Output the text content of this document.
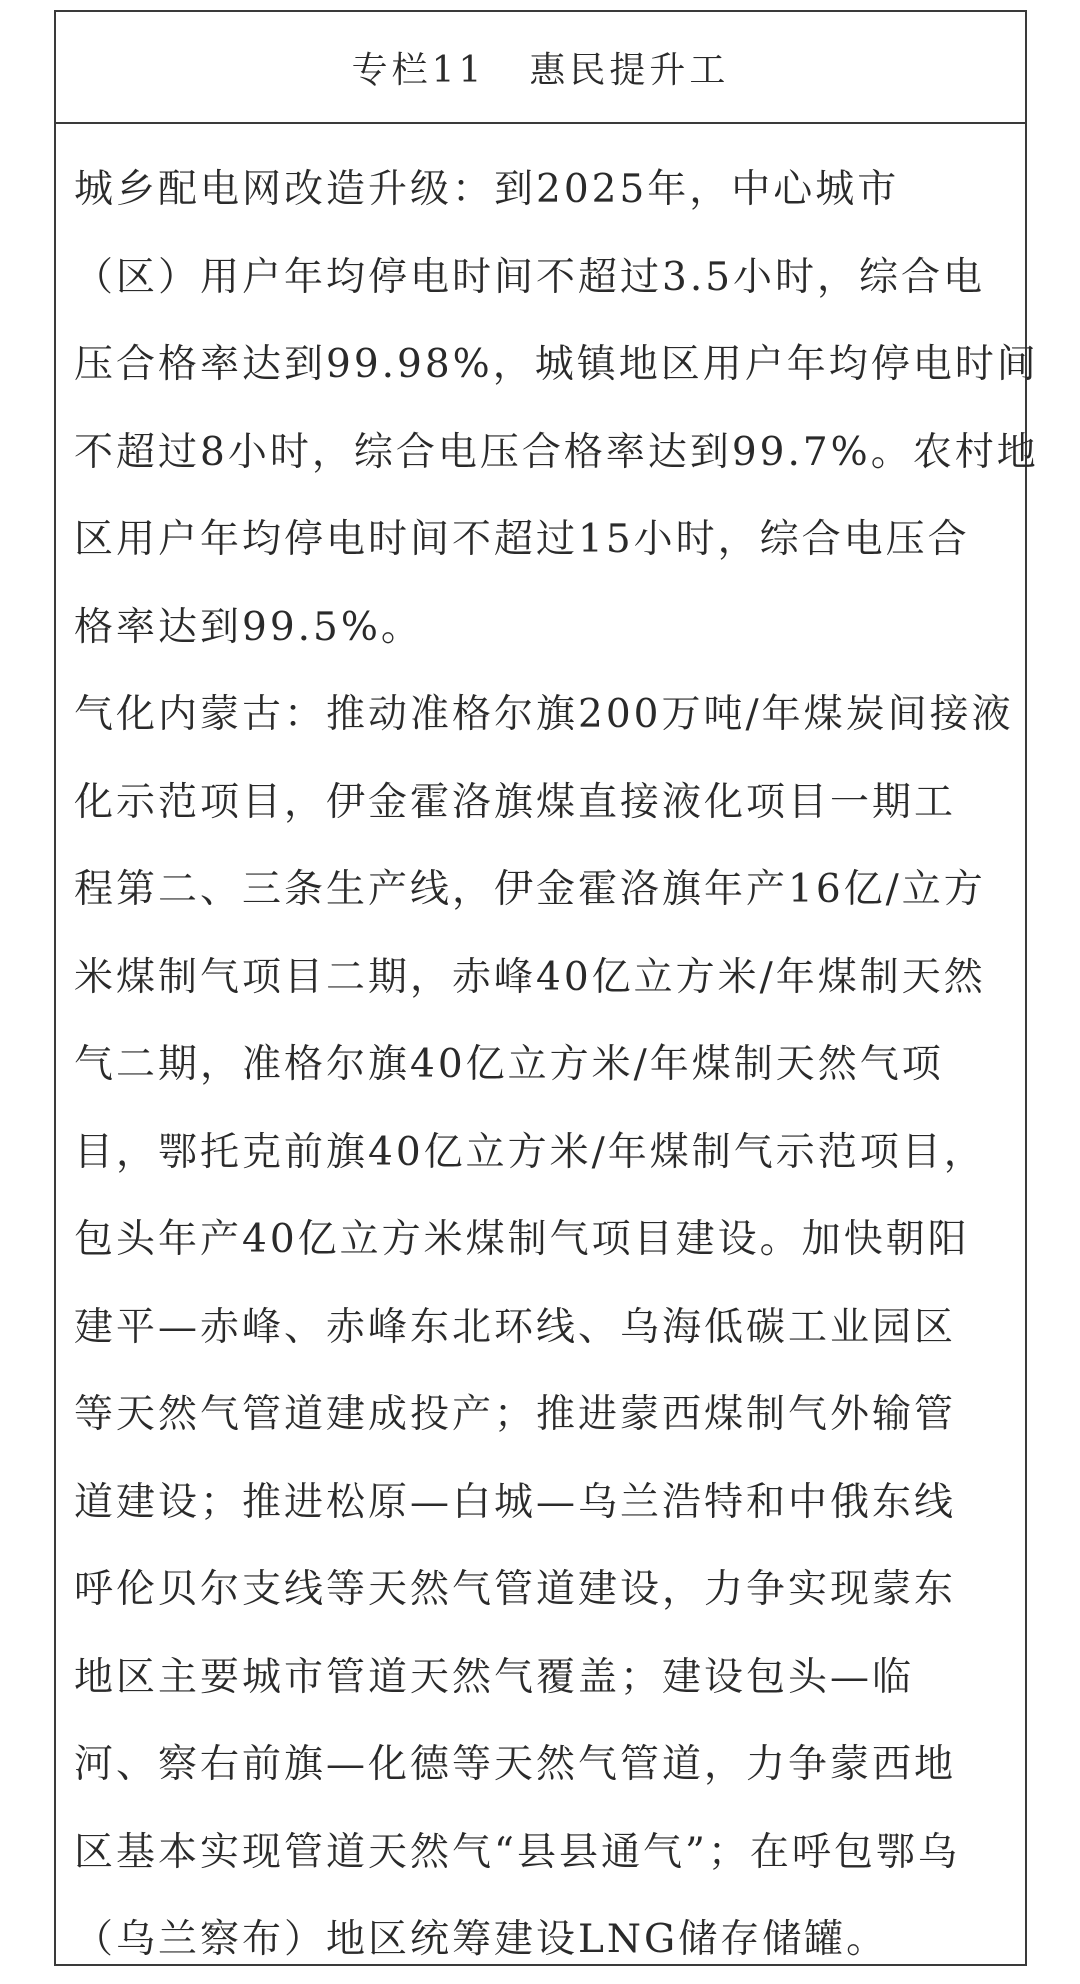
专栏11 惠民提升工
城乡配电网改造升级：到2025年，中心城市
（区）用户年均停电时间不超过3.5小时，综合电
压合格率达到99.98%，城镇地区用户年均停电时间
不超过8小时，综合电压合格率达到99.7%。农村地
区用户年均停电时间不超过15小时，综合电压合
格率达到99.5%。
气化内蒙古：推动准格尔旗200万吨/年煤炭间接液
化示范项目，伊金霍洛旗煤直接液化项目一期工
程第二、三条生产线，伊金霍洛旗年产16亿/立方
米煤制气项目二期，赤峰40亿立方米/年煤制天然
气二期，准格尔旗40亿立方米/年煤制天然气项
目，鄂托克前旗40亿立方米/年煤制气示范项目，
包头年产40亿立方米煤制气项目建设。加快朝阳
建平—赤峰、赤峰东北环线、乌海低碳工业园区
等天然气管道建成投产；推进蒙西煤制气外输管
道建设；推进松原—白城—乌兰浩特和中俄东线
呼伦贝尔支线等天然气管道建设，力争实现蒙东
地区主要城市管道天然气覆盖；建设包头—临
河、察右前旗—化德等天然气管道，力争蒙西地
区基本实现管道天然气“县县通气”；在呼包鄂乌
（乌兰察布）地区统筹建设LNG储存储罐。
